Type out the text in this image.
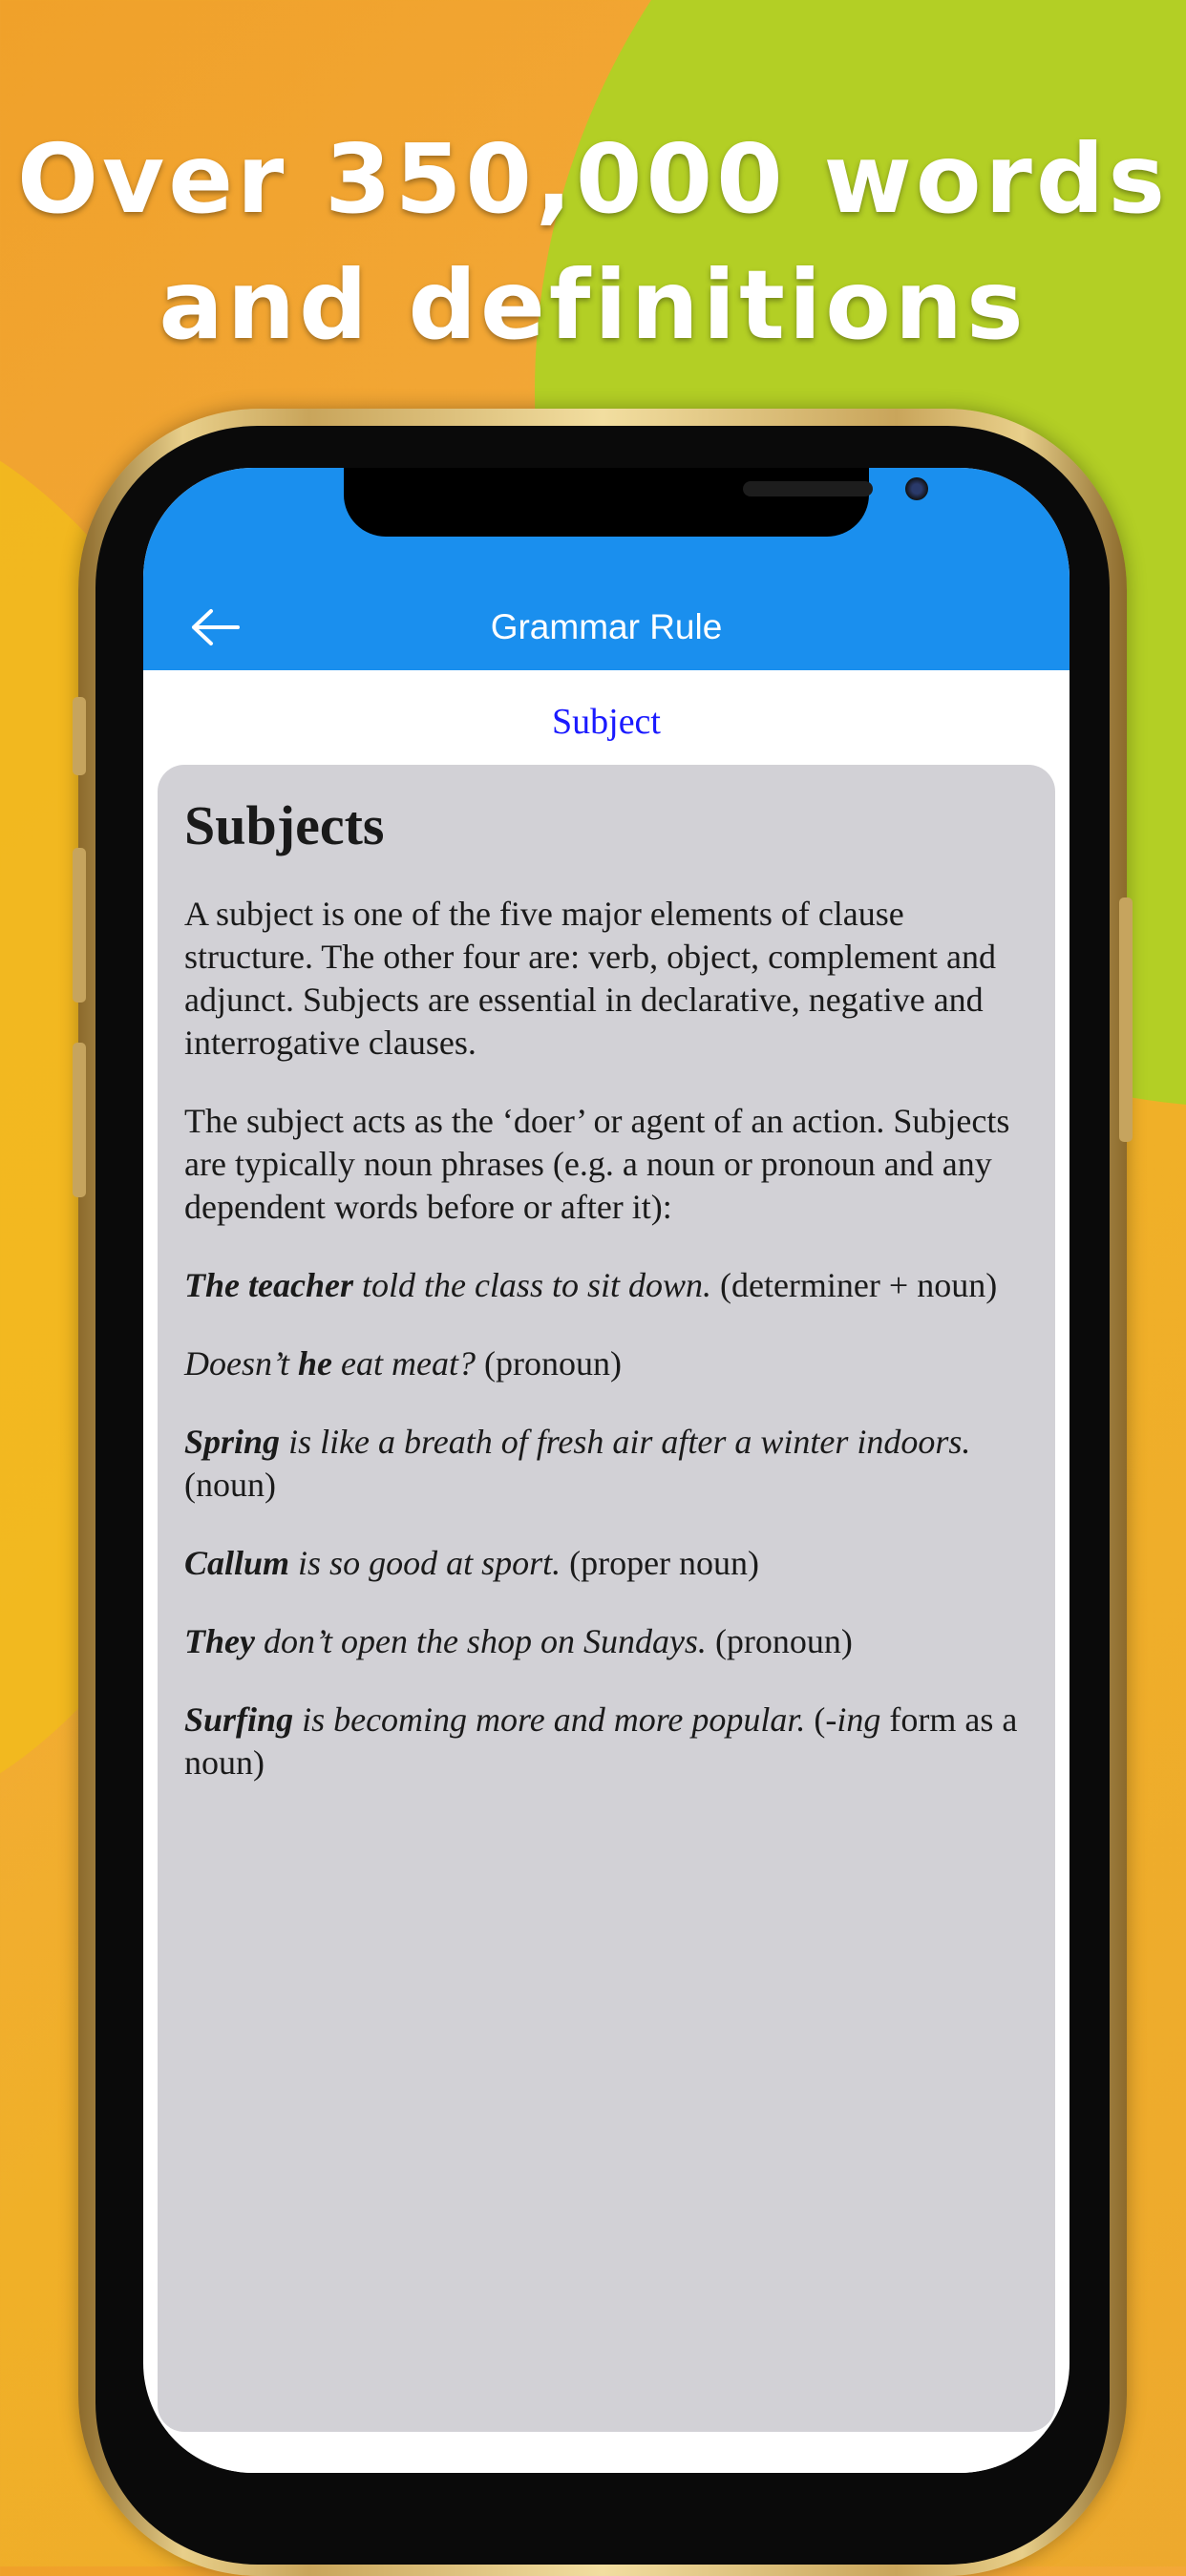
Over 350,000 words
and definitions
Grammar Rule
Subject
Subjects

A subject is one of the five major elements of clause structure. The other four are: verb, object, complement and adjunct. Subjects are essential in declarative, negative and interrogative clauses.

The subject acts as the ‘doer’ or agent of an action. Subjects are typically noun phrases (e.g. a noun or pronoun and any dependent words before or after it):

The teacher told the class to sit down. (determiner + noun)

Doesn’t he eat meat? (pronoun)

Spring is like a breath of fresh air after a winter indoors. (noun)

Callum is so good at sport. (proper noun)

They don’t open the shop on Sundays. (pronoun)

Surfing is becoming more and more popular. (-ing form as a noun)
